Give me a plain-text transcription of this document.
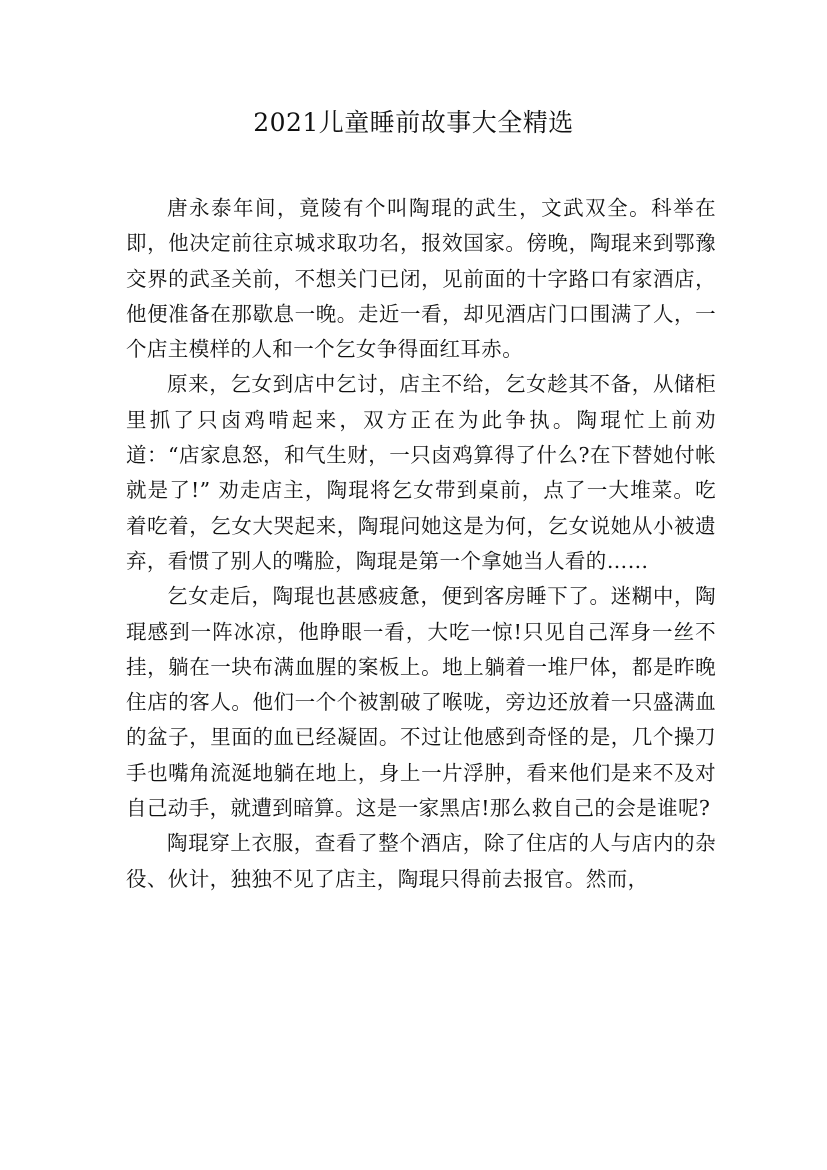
2021儿童睡前故事大全精选

唐永泰年间，竟陵有个叫陶琨的武生，文武双全。科举在即，他决定前往京城求取功名，报效国家。傍晚，陶琨来到鄂豫交界的武圣关前，不想关门已闭，见前面的十字路口有家酒店，他便准备在那歇息一晚。走近一看，却见酒店门口围满了人，一个店主模样的人和一个乞女争得面红耳赤。

原来，乞女到店中乞讨，店主不给，乞女趁其不备，从储柜里抓了只卤鸡啃起来，双方正在为此争执。陶琨忙上前劝道：“店家息怒，和气生财，一只卤鸡算得了什么?在下替她付帐就是了!” 劝走店主，陶琨将乞女带到桌前，点了一大堆菜。吃着吃着，乞女大哭起来，陶琨问她这是为何，乞女说她从小被遗弃，看惯了别人的嘴脸，陶琨是第一个拿她当人看的……

乞女走后，陶琨也甚感疲惫，便到客房睡下了。迷糊中，陶琨感到一阵冰凉，他睁眼一看，大吃一惊!只见自己浑身一丝不挂，躺在一块布满血腥的案板上。地上躺着一堆尸体，都是昨晚住店的客人。他们一个个被割破了喉咙，旁边还放着一只盛满血的盆子，里面的血已经凝固。不过让他感到奇怪的是，几个操刀手也嘴角流涎地躺在地上，身上一片浮肿，看来他们是来不及对自己动手，就遭到暗算。这是一家黑店!那么救自己的会是谁呢?

陶琨穿上衣服，查看了整个酒店，除了住店的人与店内的杂役、伙计，独独不见了店主，陶琨只得前去报官。然而，
